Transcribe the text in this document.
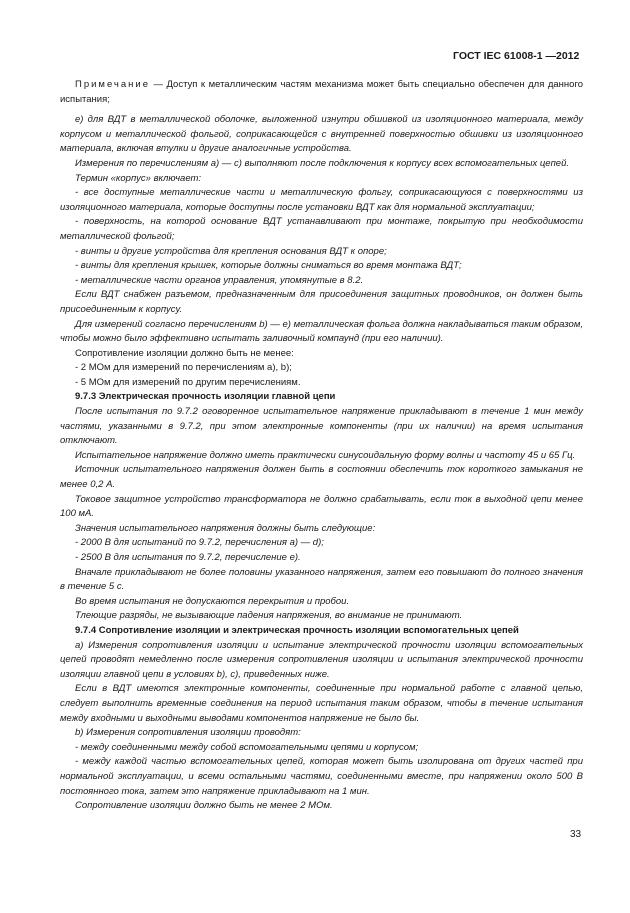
ГОСТ IEC 61008-1 —2012

Примечание — Доступ к металлическим частям механизма может быть специально обеспечен для данного испытания;

e) для ВДТ в металлической оболочке, выложенной изнутри обшивкой из изоляционного материала, между корпусом и металлической фольгой, соприкасающейся с внутренней поверхностью обшивки из изоляционного материала, включая втулки и другие аналогичные устройства.

Измерения по перечислениям a) — c) выполняют после подключения к корпусу всех вспомогательных цепей.

Термин «корпус» включает:

- все доступные металлические части и металлическую фольгу, соприкасающуюся с поверхностями из изоляционного материала, которые доступны после установки ВДТ как для нормальной эксплуатации;

- поверхность, на которой основание ВДТ устанавливают при монтаже, покрытую при необходимости металлической фольгой;

- винты и другие устройства для крепления основания ВДТ к опоре;

- винты для крепления крышек, которые должны сниматься во время монтажа ВДТ;

- металлические части органов управления, упомянутые в 8.2.

Если ВДТ снабжен разъемом, предназначенным для присоединения защитных проводников, он должен быть присоединенным к корпусу.

Для измерений согласно перечислениям b) — e) металлическая фольга должна накладываться таким образом, чтобы можно было эффективно испытать заливочный компаунд (при его наличии).

Сопротивление изоляции должно быть не менее:

- 2 МОм для измерений по перечислениям a), b);

- 5 МОм для измерений по другим перечислениям.

9.7.3 Электрическая прочность изоляции главной цепи

После испытания по 9.7.2 оговоренное испытательное напряжение прикладывают в течение 1 мин между частями, указанными в 9.7.2, при этом электронные компоненты (при их наличии) на время испытания отключают.

Испытательное напряжение должно иметь практически синусоидальную форму волны и частоту 45 и 65 Гц.

Источник испытательного напряжения должен быть в состоянии обеспечить ток короткого замыкания не менее 0,2 А.

Токовое защитное устройство трансформатора не должно срабатывать, если ток в выходной цепи менее 100 мА.

Значения испытательного напряжения должны быть следующие:

- 2000 В для испытаний по 9.7.2, перечисления a) — d);

- 2500 В для испытания по 9.7.2, перечисление e).

Вначале прикладывают не более половины указанного напряжения, затем его повышают до полного значения в течение 5 с.

Во время испытания не допускаются перекрытия и пробои.

Тлеющие разряды, не вызывающие падения напряжения, во внимание не принимают.

9.7.4 Сопротивление изоляции и электрическая прочность изоляции вспомогательных цепей

a) Измерения сопротивления изоляции и испытание электрической прочности изоляции вспомогательных цепей проводят немедленно после измерения сопротивления изоляции и испытания электрической прочности изоляции главной цепи в условиях b), c), приведенных ниже.

Если в ВДТ имеются электронные компоненты, соединенные при нормальной работе с главной цепью, следует выполнить временные соединения на период испытания таким образом, чтобы в течение испытания между входными и выходными выводами компонентов напряжение не было бы.

b) Измерения сопротивления изоляции проводят:

- между соединенными между собой вспомогательными цепями и корпусом;

- между каждой частью вспомогательных цепей, которая может быть изолирована от других частей при нормальной эксплуатации, и всеми остальными частями, соединенными вместе, при напряжении около 500 В постоянного тока, затем это напряжение прикладывают на 1 мин.

Сопротивление изоляции должно быть не менее 2 МОм.

33
